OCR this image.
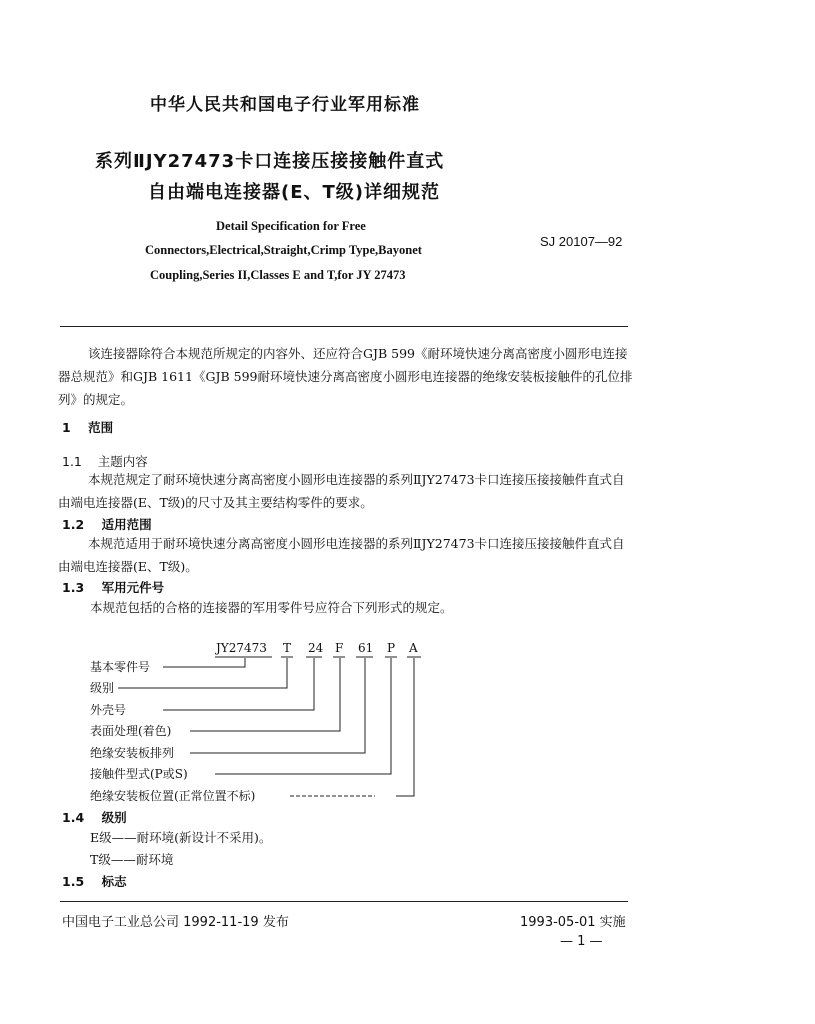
中华人民共和国电子行业军用标准
系列ⅡJY27473卡口连接压接接触件直式
自由端电连接器(E、T级)详细规范
Detail Specification for Free
Connectors,Electrical,Straight,Crimp Type,Bayonet
Coupling,Series II,Classes E and T,for JY 27473
SJ 20107—92

该连接器除符合本规范所规定的内容外、还应符合GJB 599《耐环境快速分离高密度小圆形电连接器总规范》和GJB 1611《GJB 599耐环境快速分离高密度小圆形电连接器的绝缘安装板接触件的孔位排列》的规定。

1 范围
1.1 主题内容

本规范规定了耐环境快速分离高密度小圆形电连接器的系列ⅡJY27473卡口连接压接接触件直式自由端电连接器(E、T级)的尺寸及其主要结构零件的要求。

1.2 适用范围

本规范适用于耐环境快速分离高密度小圆形电连接器的系列ⅡJY27473卡口连接压接接触件直式自由端电连接器(E、T级)。

1.3 军用元件号
本规范包括的合格的连接器的军用零件号应符合下列形式的规定。
JY27473 T 24 F 61 P A
基本零件号
级别
外壳号
表面处理(着色)
绝缘安装板排列
接触件型式(P或S)
绝缘安装板位置(正常位置不标)
1.4 级别
E级——耐环境(新设计不采用)。
T级——耐环境
1.5 标志
中国电子工业总公司 1992-11-19 发布	1993-05-01 实施
— 1 —
